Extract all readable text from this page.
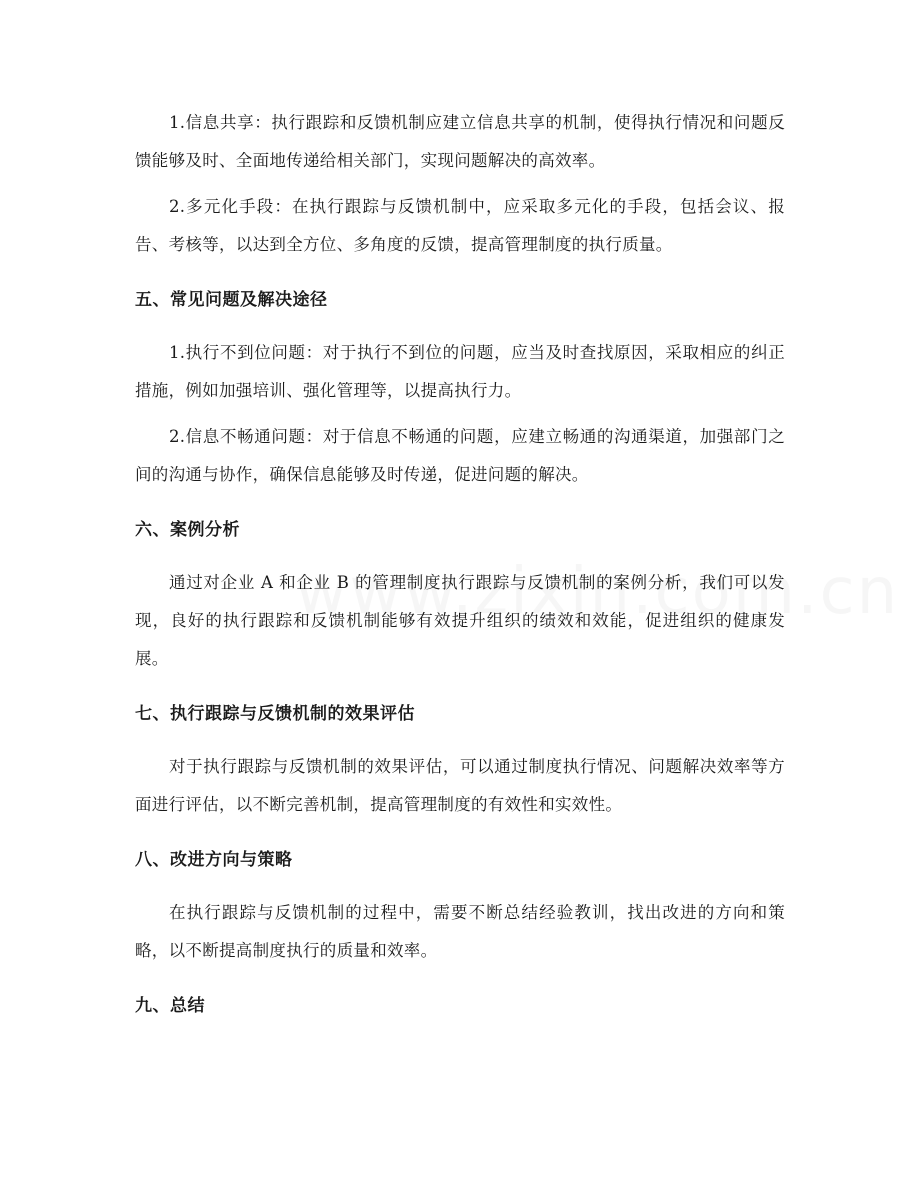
1.信息共享：执行跟踪和反馈机制应建立信息共享的机制，使得执行情况和问题反馈能够及时、全面地传递给相关部门，实现问题解决的高效率。

2.多元化手段：在执行跟踪与反馈机制中，应采取多元化的手段，包括会议、报告、考核等，以达到全方位、多角度的反馈，提高管理制度的执行质量。

五、常见问题及解决途径

1.执行不到位问题：对于执行不到位的问题，应当及时查找原因，采取相应的纠正措施，例如加强培训、强化管理等，以提高执行力。

2.信息不畅通问题：对于信息不畅通的问题，应建立畅通的沟通渠道，加强部门之间的沟通与协作，确保信息能够及时传递，促进问题的解决。

六、案例分析

通过对企业 A 和企业 B 的管理制度执行跟踪与反馈机制的案例分析，我们可以发现，良好的执行跟踪和反馈机制能够有效提升组织的绩效和效能，促进组织的健康发展。

七、执行跟踪与反馈机制的效果评估

对于执行跟踪与反馈机制的效果评估，可以通过制度执行情况、问题解决效率等方面进行评估，以不断完善机制，提高管理制度的有效性和实效性。

八、改进方向与策略

在执行跟踪与反馈机制的过程中，需要不断总结经验教训，找出改进的方向和策略，以不断提高制度执行的质量和效率。

九、总结
